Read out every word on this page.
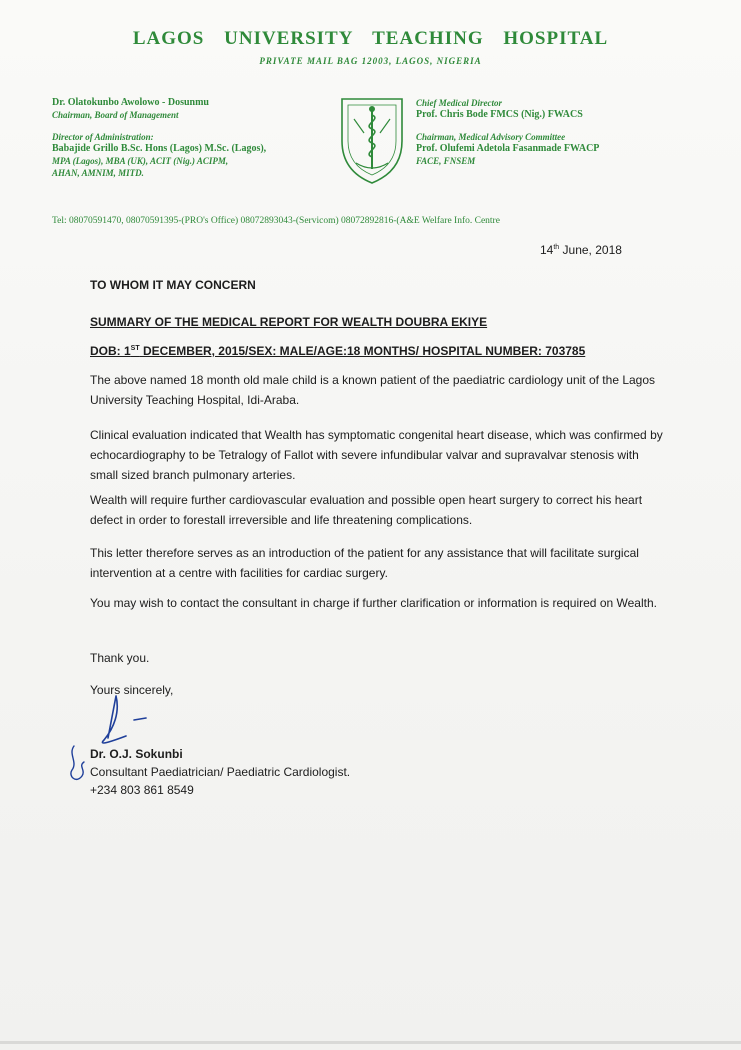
LAGOS UNIVERSITY TEACHING HOSPITAL
PRIVATE MAIL BAG 12003, LAGOS, NIGERIA
Dr. Olatokunbo Awolowo - Dosunmu
Chairman, Board of Management
Director of Administration:
Babajide Grillo B.Sc. Hons (Lagos) M.Sc. (Lagos),
MPA (Lagos), MBA (UK), ACIT (Nig.) ACIPM,
AHAN, AMNIM, MITD.
Chief Medical Director
Prof. Chris Bode FMCS (Nig.) FWACS
Chairman, Medical Advisory Committee
Prof. Olufemi Adetola Fasanmade FWACP
FACE, FNSEM
Tel: 08070591470, 08070591395-(PRO's Office) 08072893043-(Servicom) 08072892816-(A&E Welfare Info. Centre
14th June, 2018

TO WHOM IT MAY CONCERN

SUMMARY OF THE MEDICAL REPORT FOR WEALTH DOUBRA EKIYE

DOB: 1ST DECEMBER, 2015/SEX: MALE/AGE:18 MONTHS/ HOSPITAL NUMBER: 703785

The above named 18 month old male child is a known patient of the paediatric cardiology unit of the Lagos University Teaching Hospital, Idi-Araba.

Clinical evaluation indicated that Wealth has symptomatic congenital heart disease, which was confirmed by echocardiography to be Tetralogy of Fallot with severe infundibular valvar and supravalvar stenosis with small sized branch pulmonary arteries.

Wealth will require further cardiovascular evaluation and possible open heart surgery to correct his heart defect in order to forestall irreversible and life threatening complications.

This letter therefore serves as an introduction of the patient for any assistance that will facilitate surgical intervention at a centre with facilities for cardiac surgery.

You may wish to contact the consultant in charge if further clarification or information is required on Wealth.

Thank you.

Yours sincerely,

Dr. O.J. Sokunbi

Consultant Paediatrician/ Paediatric Cardiologist.

+234 803 861 8549
